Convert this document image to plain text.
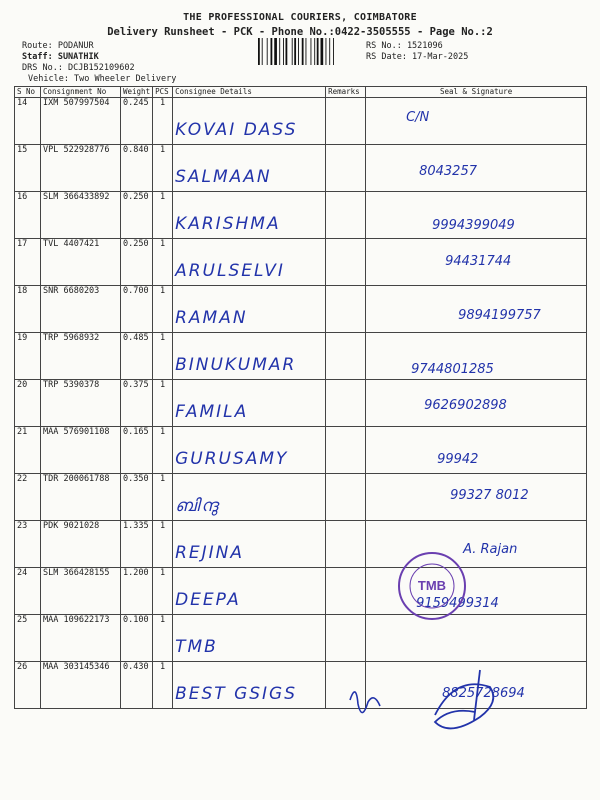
THE PROFESSIONAL COURIERS, COIMBATORE
Delivery Runsheet - PCK - Phone No.:0422-3505555 - Page No.:2
Route: PODANUR
Staff: SUNATHIK
DRS No.: DCJB152109602
Vehicle: Two Wheeler Delivery
RS No.: 1521096
RS Date: 17-Mar-2025
S No	Consignment No	Weight	PCS	Consignee Details	Remarks	Seal & Signature
14	IXM 507997504	0.245	1	KOVAI DASS		C/N

15	VPL 522928776	0.840	1	SALMAAN		8043257

16	SLM 366433892	0.250	1	KARISHMA		9994399049

17	TVL 4407421	0.250	1	ARULSELVI		94431744

18	SNR 6680203	0.700	1	RAMAN		9894199757

19	TRP 5968932	0.485	1	BINUKUMAR		9744801285

20	TRP 5390378	0.375	1	FAMILA		9626902898

21	MAA 576901108	0.165	1	GURUSAMY		99942

22	TDR 200061788	0.350	1	ബിന്ദു		99327 8012

23	PDK 9021028	1.335	1	REJINA		A. Rajan

24	SLM 366428155	1.200	1	DEEPA		9159499314

25	MAA 109622173	0.100	1	TMB		

26	MAA 303145346	0.430	1	BEST GSIGS		8825728694
TMB
